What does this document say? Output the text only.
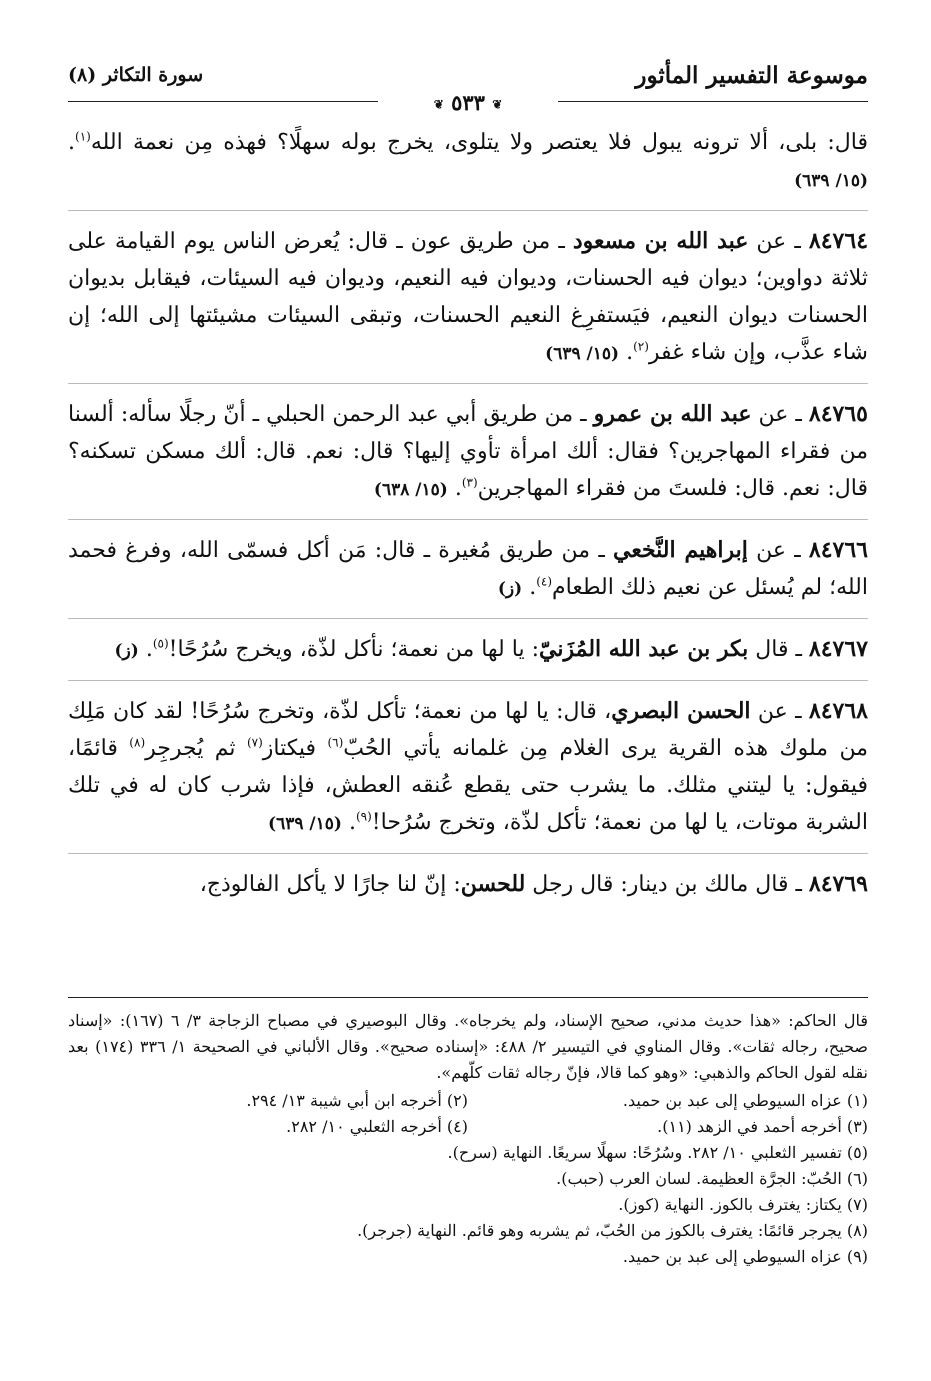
موسوعة التفسير المأثور
سورة التكاثر (٨)
❦ ٥٣٣ ❦

قال: بلى، ألا ترونه يبول فلا يعتصر ولا يتلوى، يخرج بوله سهلًا؟ فهذه مِن نعمة الله$^{(١)}$. (١٥/ ٦٣٩)

٨٤٧٦٤ ـ عن عبد الله بن مسعود ـ من طريق عون ـ قال: يُعرض الناس يوم القيامة على ثلاثة دواوين؛ ديوان فيه الحسنات، وديوان فيه النعيم، وديوان فيه السيئات، فيقابل بديوان الحسنات ديوان النعيم، فيَستفرِغ النعيم الحسنات، وتبقى السيئات مشيئتها إلى الله؛ إن شاء عذَّب، وإن شاء غفر$^{(٢)}$. (١٥/ ٦٣٩)

٨٤٧٦٥ ـ عن عبد الله بن عمرو ـ من طريق أبي عبد الرحمن الحبلي ـ أنّ رجلًا سأله: ألسنا من فقراء المهاجرين؟ فقال: ألك امرأة تأوي إليها؟ قال: نعم. قال: ألك مسكن تسكنه؟ قال: نعم. قال: فلستَ من فقراء المهاجرين$^{(٣)}$. (١٥/ ٦٣٨)

٨٤٧٦٦ ـ عن إبراهيم النَّخعي ـ من طريق مُغيرة ـ قال: مَن أكل فسمّى الله، وفرغ فحمد الله؛ لم يُسئل عن نعيم ذلك الطعام$^{(٤)}$. (ز)

٨٤٧٦٧ ـ قال بكر بن عبد الله المُزَنيّ: يا لها من نعمة؛ نأكل لذّة، ويخرج سُرُحًا!$^{(٥)}$. (ز)

٨٤٧٦٨ ـ عن الحسن البصري، قال: يا لها من نعمة؛ تأكل لذّة، وتخرج سُرُحًا! لقد كان مَلِك من ملوك هذه القرية يرى الغلام مِن غلمانه يأتي الحُبّ$^{(٦)}$ فيكتاز$^{(٧)}$ ثم يُجرجِر$^{(٨)}$ قائمًا، فيقول: يا ليتني مثلك. ما يشرب حتى يقطع عُنقه العطش، فإذا شرب كان له في تلك الشربة موتات، يا لها من نعمة؛ تأكل لذّة، وتخرج سُرُحا!$^{(٩)}$. (١٥/ ٦٣٩)

٨٤٧٦٩ ـ قال مالك بن دينار: قال رجل للحسن: إنّ لنا جارًا لا يأكل الفالوذج،

قال الحاكم: «هذا حديث مدني، صحيح الإسناد، ولم يخرجاه». وقال البوصيري في مصباح الزجاجة ٣/ ٦ (١٦٧): «إسناد صحيح، رجاله ثقات». وقال المناوي في التيسير ٢/ ٤٨٨: «إسناده صحيح». وقال الألباني في الصحيحة ١/ ٣٣٦ (١٧٤) بعد نقله لقول الحاكم والذهبي: «وهو كما قالا، فإنّ رجاله ثقات كلّهم».

(١) عزاه السيوطي إلى عبد بن حميد.
(٢) أخرجه ابن أبي شيبة ١٣/ ٢٩٤.
(٣) أخرجه أحمد في الزهد (١١).
(٤) أخرجه الثعلبي ١٠/ ٢٨٢.

(٥) تفسير الثعلبي ١٠/ ٢٨٢. وسُرُحًا: سهلًا سريعًا. النهاية (سرح).

(٦) الحُبّ: الجرَّة العظيمة. لسان العرب (حبب).

(٧) يكتاز: يغترف بالكوز. النهاية (كوز).

(٨) يجرجر قائمًا: يغترف بالكوز من الحُبّ، ثم يشربه وهو قائم. النهاية (جرجر).

(٩) عزاه السيوطي إلى عبد بن حميد.
